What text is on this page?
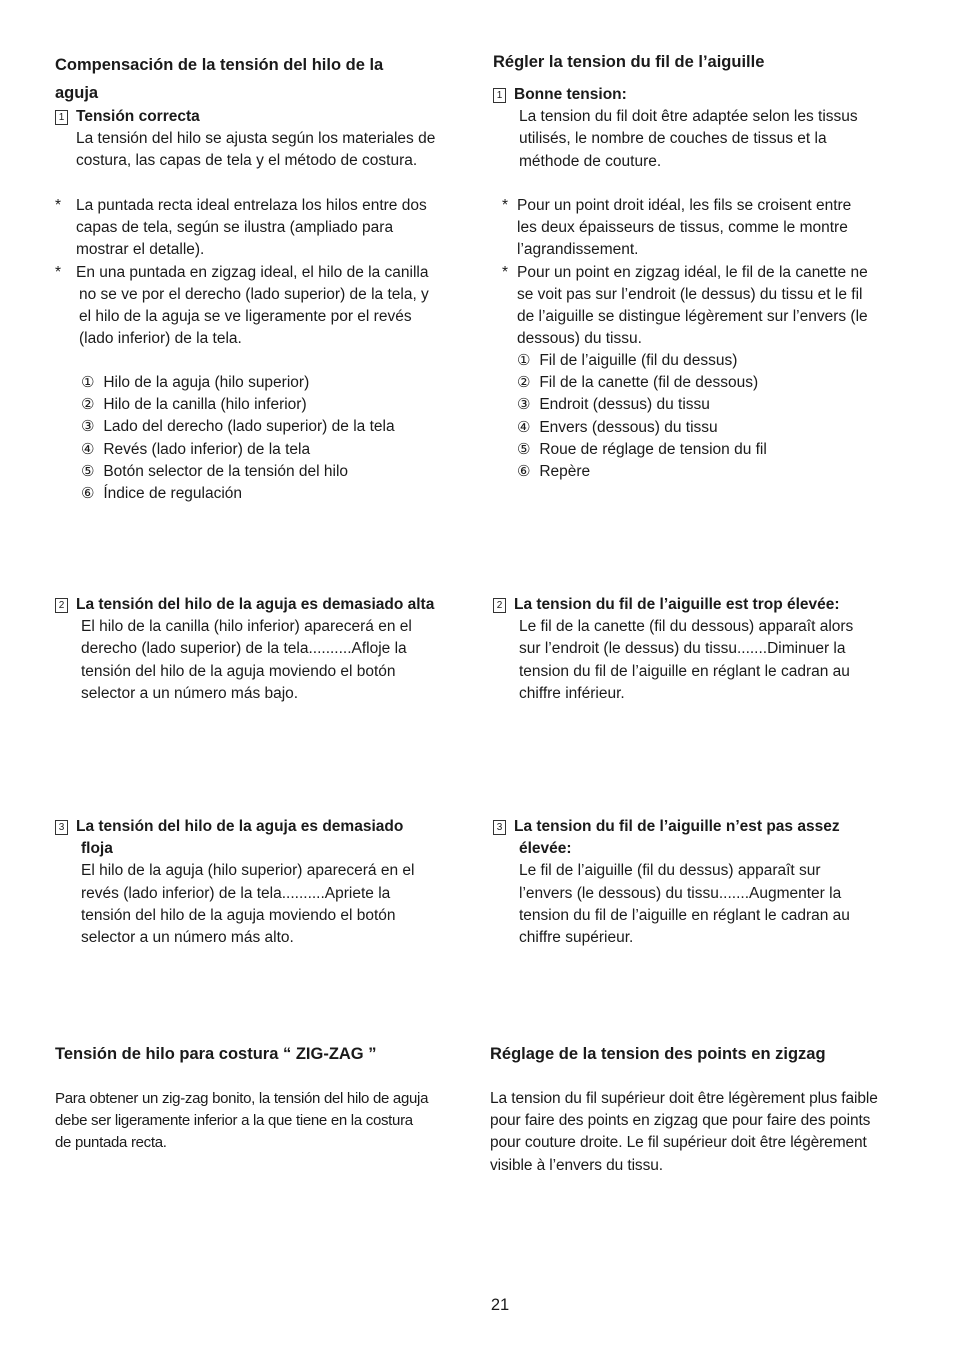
Compensación de la tensión del hilo de la
aguja
1 Tensión correcta
La tensión del hilo se ajusta según los materiales de
costura, las capas de tela y el método de costura.
* La puntada recta ideal entrelaza los hilos entre dos
capas de tela, según se ilustra (ampliado para
mostrar el detalle).
* En una puntada en zigzag ideal, el hilo de la canilla
no se ve por el derecho (lado superior) de la tela, y
el hilo de la aguja se ve ligeramente por el revés
(lado inferior) de la tela.
① Hilo de la aguja (hilo superior)
② Hilo de la canilla (hilo inferior)
③ Lado del derecho (lado superior) de la tela
④ Revés (lado inferior) de la tela
⑤ Botón selector de la tensión del hilo
⑥ Índice de regulación
2 La tensión del hilo de la aguja es demasiado alta
El hilo de la canilla (hilo inferior) aparecerá en el
derecho (lado superior) de la tela..........Afloje la
tensión del hilo de la aguja moviendo el botón
selector a un número más bajo.
3 La tensión del hilo de la aguja es demasiado
floja
El hilo de la aguja (hilo superior) aparecerá en el
revés (lado inferior) de la tela..........Apriete la
tensión del hilo de la aguja moviendo el botón
selector a un número más alto.
Tensión de hilo para costura “ ZIG-ZAG ”
Para obtener un zig-zag bonito, la tensión del hilo de aguja
debe ser ligeramente inferior a la que tiene en la costura
de puntada recta.
Régler la tension du fil de l’aiguille
1 Bonne tension:
La tension du fil doit être adaptée selon les tissus
utilisés, le nombre de couches de tissus et la
méthode de couture.
* Pour un point droit idéal, les fils se croisent entre
les deux épaisseurs de tissus, comme le montre
l’agrandissement.
* Pour un point en zigzag idéal, le fil de la canette ne
se voit pas sur l’endroit (le dessus) du tissu et le fil
de l’aiguille se distingue légèrement sur l’envers (le
dessous) du tissu.
① Fil de l’aiguille (fil du dessus)
② Fil de la canette (fil de dessous)
③ Endroit (dessus) du tissu
④ Envers (dessous) du tissu
⑤ Roue de réglage de tension du fil
⑥ Repère
2 La tension du fil de l’aiguille est trop élevée:
Le fil de la canette (fil du dessous) apparaît alors
sur l’endroit (le dessus) du tissu.......Diminuer la
tension du fil de l’aiguille en réglant le cadran au
chiffre inférieur.
3 La tension du fil de l’aiguille n’est pas assez
élevée:
Le fil de l’aiguille (fil du dessus) apparaît sur
l’envers (le dessous) du tissu.......Augmenter la
tension du fil de l’aiguille en réglant le cadran au
chiffre supérieur.
Réglage de la tension des points en zigzag
La tension du fil supérieur doit être légèrement plus faible
pour faire des points en zigzag que pour faire des points
pour couture droite. Le fil supérieur doit être légèrement
visible à l’envers du tissu.
21
